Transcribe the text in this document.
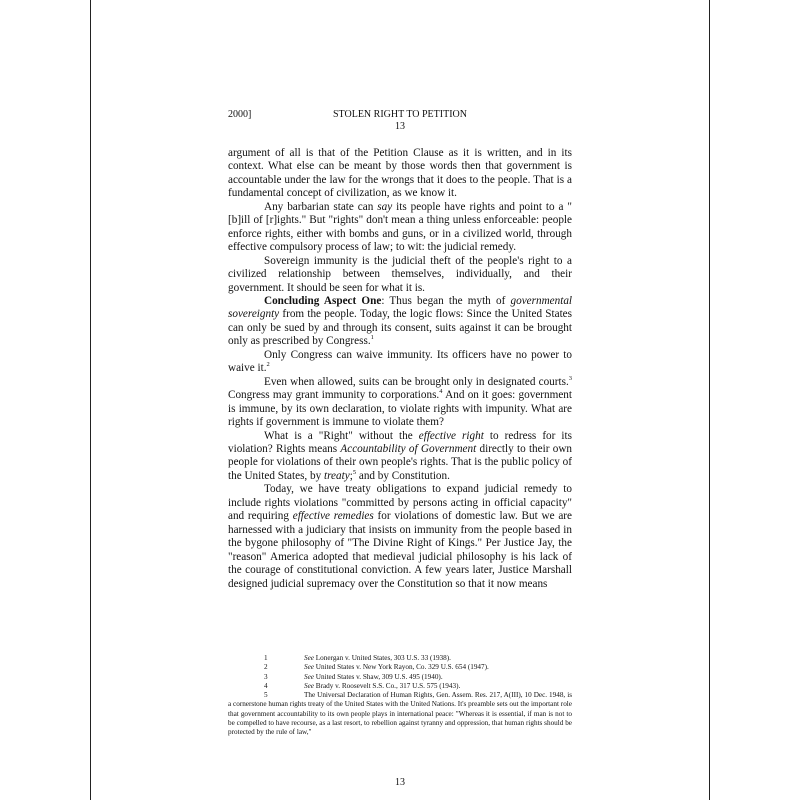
2000]	STOLEN RIGHT TO PETITION
13

argument of all is that of the Petition Clause as it is written, and in its context. What else can be meant by those words then that government is accountable under the law for the wrongs that it does to the people. That is a fundamental concept of civilization, as we know it.

Any barbarian state can say its people have rights and point to a "[b]ill of [r]ights." But "rights" don't mean a thing unless enforceable: people enforce rights, either with bombs and guns, or in a civilized world, through effective compulsory process of law; to wit: the judicial remedy.

Sovereign immunity is the judicial theft of the people's right to a civilized relationship between themselves, individually, and their government. It should be seen for what it is.

Concluding Aspect One: Thus began the myth of governmental sovereignty from the people. Today, the logic flows: Since the United States can only be sued by and through its consent, suits against it can be brought only as prescribed by Congress.$^1$

Only Congress can waive immunity. Its officers have no power to waive it.$^2$

Even when allowed, suits can be brought only in designated courts.$^3$ Congress may grant immunity to corporations.$^4$ And on it goes: government is immune, by its own declaration, to violate rights with impunity. What are rights if government is immune to violate them?

What is a "Right" without the effective right to redress for its violation? Rights means Accountability of Government directly to their own people for violations of their own people's rights. That is the public policy of the United States, by treaty;$^5$ and by Constitution.

Today, we have treaty obligations to expand judicial remedy to include rights violations "committed by persons acting in official capacity" and requiring effective remedies for violations of domestic law. But we are harnessed with a judiciary that insists on immunity from the people based in the bygone philosophy of "The Divine Right of Kings." Per Justice Jay, the "reason" America adopted that medieval judicial philosophy is his lack of the courage of constitutional conviction. A few years later, Justice Marshall designed judicial supremacy over the Constitution so that it now means

1	See Lonergan v. United States, 303 U.S. 33 (1938).
2	See United States v. New York Rayon, Co. 329 U.S. 654 (1947).
3	See United States v. Shaw, 309 U.S. 495 (1940).
4	See Brady v. Roosevelt S.S. Co., 317 U.S. 575 (1943).
5	The Universal Declaration of Human Rights, Gen. Assem. Res. 217, A(III), 10 Dec. 1948, is a cornerstone human rights treaty of the United States with the United Nations. It's preamble sets out the important role that government accountability to its own people plays in international peace: "Whereas it is essential, if man is not to be compelled to have recourse, as a last resort, to rebellion against tyranny and oppression, that human rights should be protected by the rule of law,"
13
